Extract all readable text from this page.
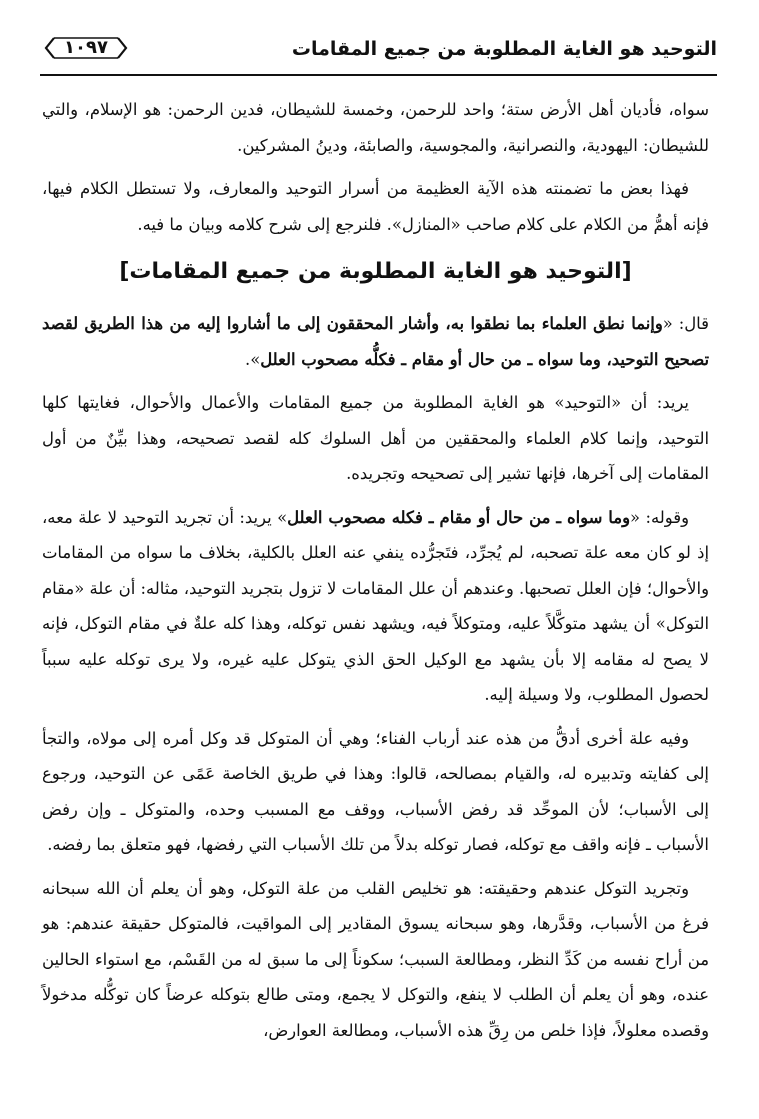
التوحيد هو الغاية المطلوبة من جميع المقامات
١٠٩٧

سواه، فأديان أهل الأرض ستة؛ واحد للرحمن، وخمسة للشيطان، فدين الرحمن: هو الإسلام، والتي للشيطان: اليهودية، والنصرانية، والمجوسية، والصابئة، ودينُ المشركين.

فهذا بعض ما تضمنته هذه الآية العظيمة من أسرار التوحيد والمعارف، ولا تستطل الكلام فيها، فإنه أهمُّ من الكلام على كلام صاحب «المنازل». فلنرجع إلى شرح كلامه وبيان ما فيه.

[التوحيد هو الغاية المطلوبة من جميع المقامات]

قال: «وإنما نطق العلماء بما نطقوا به، وأشار المحققون إلى ما أشاروا إليه من هذا الطريق لقصد تصحيح التوحيد، وما سواه ـ من حال أو مقام ـ فكلُّه مصحوب العلل».

يريد: أن «التوحيد» هو الغاية المطلوبة من جميع المقامات والأعمال والأحوال، فغايتها كلها التوحيد، وإنما كلام العلماء والمحققين من أهل السلوك كله لقصد تصحيحه، وهذا بيِّنٌ من أول المقامات إلى آخرها، فإنها تشير إلى تصحيحه وتجريده.

وقوله: «وما سواه ـ من حال أو مقام ـ فكله مصحوب العلل» يريد: أن تجريد التوحيد لا علة معه، إذ لو كان معه علة تصحبه، لم يُجرِّد، فتَجرُّده ينفي عنه العلل بالكلية، بخلاف ما سواه من المقامات والأحوال؛ فإن العلل تصحبها. وعندهم أن علل المقامات لا تزول بتجريد التوحيد، مثاله: أن علة «مقام التوكل» أن يشهد متوكَّلاً عليه، ومتوكلاً فيه، ويشهد نفس توكله، وهذا كله علةٌ في مقام التوكل، فإنه لا يصح له مقامه إلا بأن يشهد مع الوكيل الحق الذي يتوكل عليه غيره، ولا يرى توكله عليه سبباً لحصول المطلوب، ولا وسيلة إليه.

وفيه علة أخرى أدقُّ من هذه عند أرباب الفناء؛ وهي أن المتوكل قد وكل أمره إلى مولاه، والتجأ إلى كفايته وتدبيره له، والقيام بمصالحه، قالوا: وهذا في طريق الخاصة عَمًى عن التوحيد، ورجوع إلى الأسباب؛ لأن الموحِّد قد رفض الأسباب، ووقف مع المسبب وحده، والمتوكل ـ وإن رفض الأسباب ـ فإنه واقف مع توكله، فصار توكله بدلاً من تلك الأسباب التي رفضها، فهو متعلق بما رفضه.

وتجريد التوكل عندهم وحقيقته: هو تخليص القلب من علة التوكل، وهو أن يعلم أن الله سبحانه فرغ من الأسباب، وقدَّرها، وهو سبحانه يسوق المقادير إلى المواقيت، فالمتوكل حقيقة عندهم: هو من أراح نفسه من كَدِّ النظر، ومطالعة السبب؛ سكوناً إلى ما سبق له من القَسْم، مع استواء الحالين عنده، وهو أن يعلم أن الطلب لا ينفع، والتوكل لا يجمع، ومتى طالع بتوكله عرضاً كان توكُّله مدخولاً وقصده معلولاً، فإذا خلص من رِقِّ هذه الأسباب، ومطالعة العوارض،
